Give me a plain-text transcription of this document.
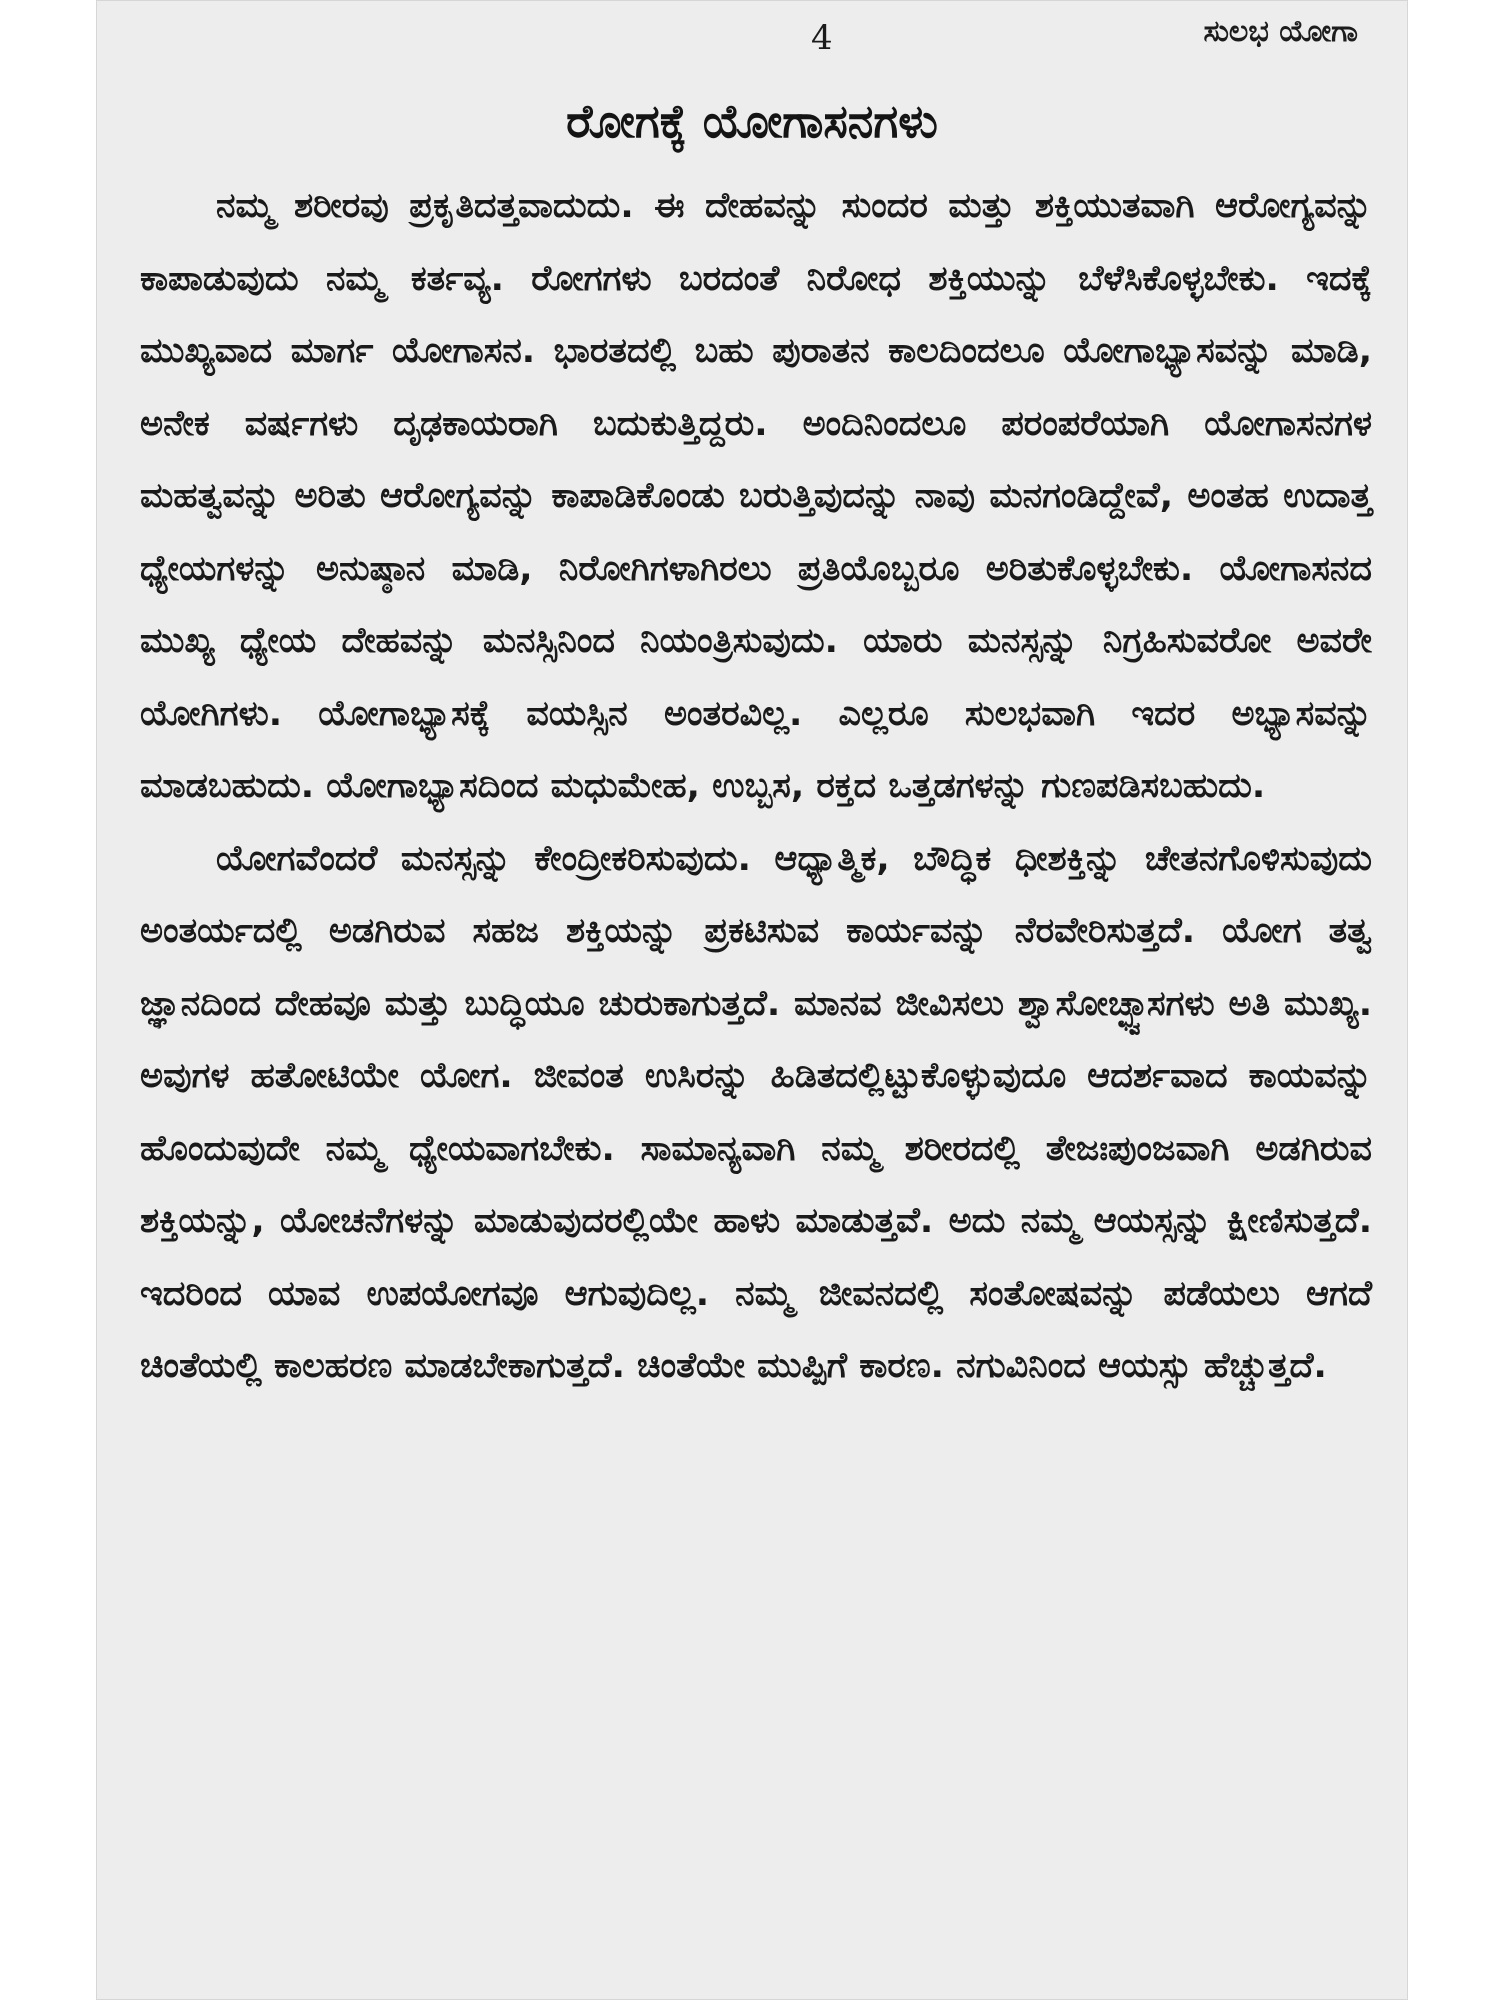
4	ಸುಲಭ ಯೋಗಾ
ರೋಗಕ್ಕೆ ಯೋಗಾಸನಗಳು

ನಮ್ಮ ಶರೀರವು ಪ್ರಕೃತಿದತ್ತವಾದುದು. ಈ ದೇಹವನ್ನು ಸುಂದರ ಮತ್ತು ಶಕ್ತಿಯುತವಾಗಿ ಆರೋಗ್ಯವನ್ನು ಕಾಪಾಡುವುದು ನಮ್ಮ ಕರ್ತವ್ಯ. ರೋಗಗಳು ಬರದಂತೆ ನಿರೋಧ ಶಕ್ತಿಯುನ್ನು ಬೆಳೆಸಿಕೊಳ್ಳಬೇಕು. ಇದಕ್ಕೆ ಮುಖ್ಯವಾದ ಮಾರ್ಗ ಯೋಗಾಸನ. ಭಾರತದಲ್ಲಿ ಬಹು ಪುರಾತನ ಕಾಲದಿಂದಲೂ ಯೋಗಾಭ್ಯಾಸವನ್ನು ಮಾಡಿ, ಅನೇಕ ವರ್ಷಗಳು ದೃಢಕಾಯರಾಗಿ ಬದುಕುತ್ತಿದ್ದರು. ಅಂದಿನಿಂದಲೂ ಪರಂಪರೆಯಾಗಿ ಯೋಗಾಸನಗಳ ಮಹತ್ವವನ್ನು ಅರಿತು ಆರೋಗ್ಯವನ್ನು ಕಾಪಾಡಿಕೊಂಡು ಬರುತ್ತಿವುದನ್ನು ನಾವು ಮನಗಂಡಿದ್ದೇವೆ, ಅಂತಹ ಉದಾತ್ತ ಧ್ಯೇಯಗಳನ್ನು ಅನುಷ್ಠಾನ ಮಾಡಿ, ನಿರೋಗಿಗಳಾಗಿರಲು ಪ್ರತಿಯೊಬ್ಬರೂ ಅರಿತುಕೊಳ್ಳಬೇಕು. ಯೋಗಾಸನದ ಮುಖ್ಯ ಧ್ಯೇಯ ದೇಹವನ್ನು ಮನಸ್ಸಿನಿಂದ ನಿಯಂತ್ರಿಸುವುದು. ಯಾರು ಮನಸ್ಸನ್ನು ನಿಗ್ರಹಿಸುವರೋ ಅವರೇ ಯೋಗಿಗಳು. ಯೋಗಾಭ್ಯಾಸಕ್ಕೆ ವಯಸ್ಸಿನ ಅಂತರವಿಲ್ಲ. ಎಲ್ಲರೂ ಸುಲಭವಾಗಿ ಇದರ ಅಭ್ಯಾಸವನ್ನು ಮಾಡಬಹುದು. ಯೋಗಾಭ್ಯಾಸದಿಂದ ಮಧುಮೇಹ, ಉಬ್ಬಸ, ರಕ್ತದ ಒತ್ತಡಗಳನ್ನು ಗುಣಪಡಿಸಬಹುದು.

ಯೋಗವೆಂದರೆ ಮನಸ್ಸನ್ನು ಕೇಂದ್ರೀಕರಿಸುವುದು. ಆಧ್ಯಾತ್ಮಿಕ, ಬೌದ್ಧಿಕ ಧೀಶಕ್ತಿನ್ನು ಚೇತನಗೊಳಿಸುವುದು ಅಂತರ್ಯದಲ್ಲಿ ಅಡಗಿರುವ ಸಹಜ ಶಕ್ತಿಯನ್ನು ಪ್ರಕಟಿಸುವ ಕಾರ್ಯವನ್ನು ನೆರವೇರಿಸುತ್ತದೆ. ಯೋಗ ತತ್ವ ಜ್ಞಾನದಿಂದ ದೇಹವೂ ಮತ್ತು ಬುದ್ಧಿಯೂ ಚುರುಕಾಗುತ್ತದೆ. ಮಾನವ ಜೀವಿಸಲು ಶ್ವಾಸೋಚ್ಛ್ವಾಸಗಳು ಅತಿ ಮುಖ್ಯ. ಅವುಗಳ ಹತೋಟಿಯೇ ಯೋಗ. ಜೀವಂತ ಉಸಿರನ್ನು ಹಿಡಿತದಲ್ಲಿಟ್ಟುಕೊಳ್ಳುವುದೂ ಆದರ್ಶವಾದ ಕಾಯವನ್ನು ಹೊಂದುವುದೇ ನಮ್ಮ ಧ್ಯೇಯವಾಗಬೇಕು. ಸಾಮಾನ್ಯವಾಗಿ ನಮ್ಮ ಶರೀರದಲ್ಲಿ ತೇಜಃಪುಂಜವಾಗಿ ಅಡಗಿರುವ ಶಕ್ತಿಯನ್ನು, ಯೋಚನೆಗಳನ್ನು ಮಾಡುವುದರಲ್ಲಿಯೇ ಹಾಳು ಮಾಡುತ್ತವೆ. ಅದು ನಮ್ಮ ಆಯಸ್ಸನ್ನು ಕ್ಷೀಣಿಸುತ್ತದೆ. ಇದರಿಂದ ಯಾವ ಉಪಯೋಗವೂ ಆಗುವುದಿಲ್ಲ. ನಮ್ಮ ಜೀವನದಲ್ಲಿ ಸಂತೋಷವನ್ನು ಪಡೆಯಲು ಆಗದೆ ಚಿಂತೆಯಲ್ಲಿ ಕಾಲಹರಣ ಮಾಡಬೇಕಾಗುತ್ತದೆ. ಚಿಂತೆಯೇ ಮುಪ್ಪಿಗೆ ಕಾರಣ. ನಗುವಿನಿಂದ ಆಯಸ್ಸು ಹೆಚ್ಚುತ್ತದೆ.
